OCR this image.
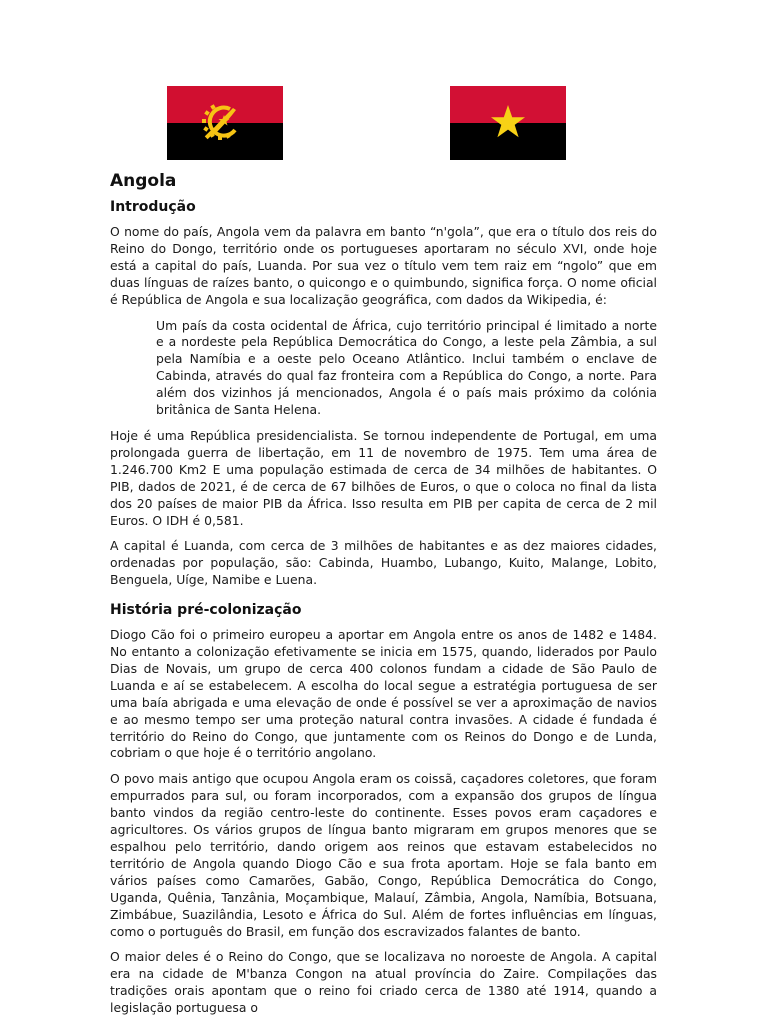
Angola
Introdução

O nome do país, Angola vem da palavra em banto “n'gola”, que era o título dos reis do Reino do Dongo, território onde os portugueses aportaram no século XVI, onde hoje está a capital do país, Luanda. Por sua vez o título vem tem raiz em “ngolo” que em duas línguas de raízes banto, o quicongo e o quimbundo, significa força. O nome oficial é República de Angola e sua localização geográfica, com dados da Wikipedia, é:

Um país da costa ocidental de África, cujo território principal é limitado a norte e a nordeste pela República Democrática do Congo, a leste pela Zâmbia, a sul pela Namíbia e a oeste pelo Oceano Atlântico. Inclui também o enclave de Cabinda, através do qual faz fronteira com a República do Congo, a norte. Para além dos vizinhos já mencionados, Angola é o país mais próximo da colónia britânica de Santa Helena.

Hoje é uma República presidencialista. Se tornou independente de Portugal, em uma prolongada guerra de libertação, em 11 de novembro de 1975. Tem uma área de 1.246.700 Km2 E uma população estimada de cerca de 34 milhões de habitantes. O PIB, dados de 2021, é de cerca de 67 bilhões de Euros, o que o coloca no final da lista dos 20 países de maior PIB da África. Isso resulta em PIB per capita de cerca de 2 mil Euros. O IDH é 0,581.

A capital é Luanda, com cerca de 3 milhões de habitantes e as dez maiores cidades, ordenadas por população, são: Cabinda, Huambo, Lubango, Kuito, Malange, Lobito, Benguela, Uíge, Namibe e Luena.

História pré-colonização

Diogo Cão foi o primeiro europeu a aportar em Angola entre os anos de 1482 e 1484. No entanto a colonização efetivamente se inicia em 1575, quando, liderados por Paulo Dias de Novais, um grupo de cerca 400 colonos fundam a cidade de São Paulo de Luanda e aí se estabelecem. A escolha do local segue a estratégia portuguesa de ser uma baía abrigada e uma elevação de onde é possível se ver a aproximação de navios e ao mesmo tempo ser uma proteção natural contra invasões. A cidade é fundada é território do Reino do Congo, que juntamente com os Reinos do Dongo e de Lunda, cobriam o que hoje é o território angolano.

O povo mais antigo que ocupou Angola eram os coissã, caçadores coletores, que foram empurrados para sul, ou foram incorporados, com a expansão dos grupos de língua banto vindos da região centro-leste do continente. Esses povos eram caçadores e agricultores. Os vários grupos de língua banto migraram em grupos menores que se espalhou pelo território, dando origem aos reinos que estavam estabelecidos no território de Angola quando Diogo Cão e sua frota aportam. Hoje se fala banto em vários países como Camarões, Gabão, Congo, República Democrática do Congo, Uganda, Quênia, Tanzânia, Moçambique, Malauí, Zâmbia, Angola, Namíbia, Botsuana, Zimbábue, Suazilândia, Lesoto e África do Sul. Além de fortes influências em línguas, como o português do Brasil, em função dos escravizados falantes de banto.

O maior deles é o Reino do Congo, que se localizava no noroeste de Angola. A capital era na cidade de M'banza Congon na atual província do Zaire. Compilações das tradições orais apontam que o reino foi criado cerca de 1380 até 1914, quando a legislação portuguesa o
